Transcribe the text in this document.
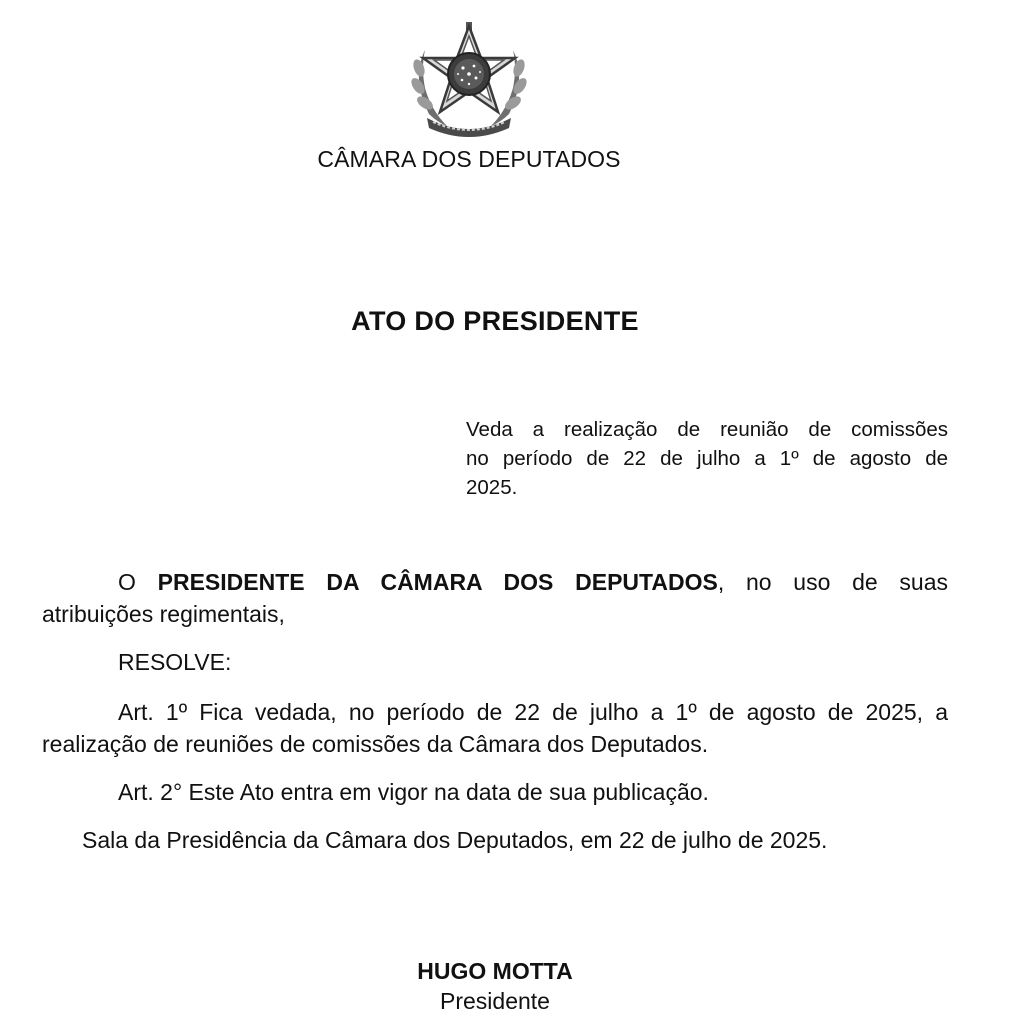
CÂMARA DOS DEPUTADOS
ATO DO PRESIDENTE
Veda a realização de reunião de comissões
no período de 22 de julho a 1º de agosto de
2025.
O PRESIDENTE DA CÂMARA DOS DEPUTADOS, no uso de suas
atribuições regimentais,
RESOLVE:
Art. 1º Fica vedada, no período de 22 de julho a 1º de agosto de 2025, a
realização de reuniões de comissões da Câmara dos Deputados.
Art. 2° Este Ato entra em vigor na data de sua publicação.
Sala da Presidência da Câmara dos Deputados, em 22 de julho de 2025.
HUGO MOTTA
Presidente
